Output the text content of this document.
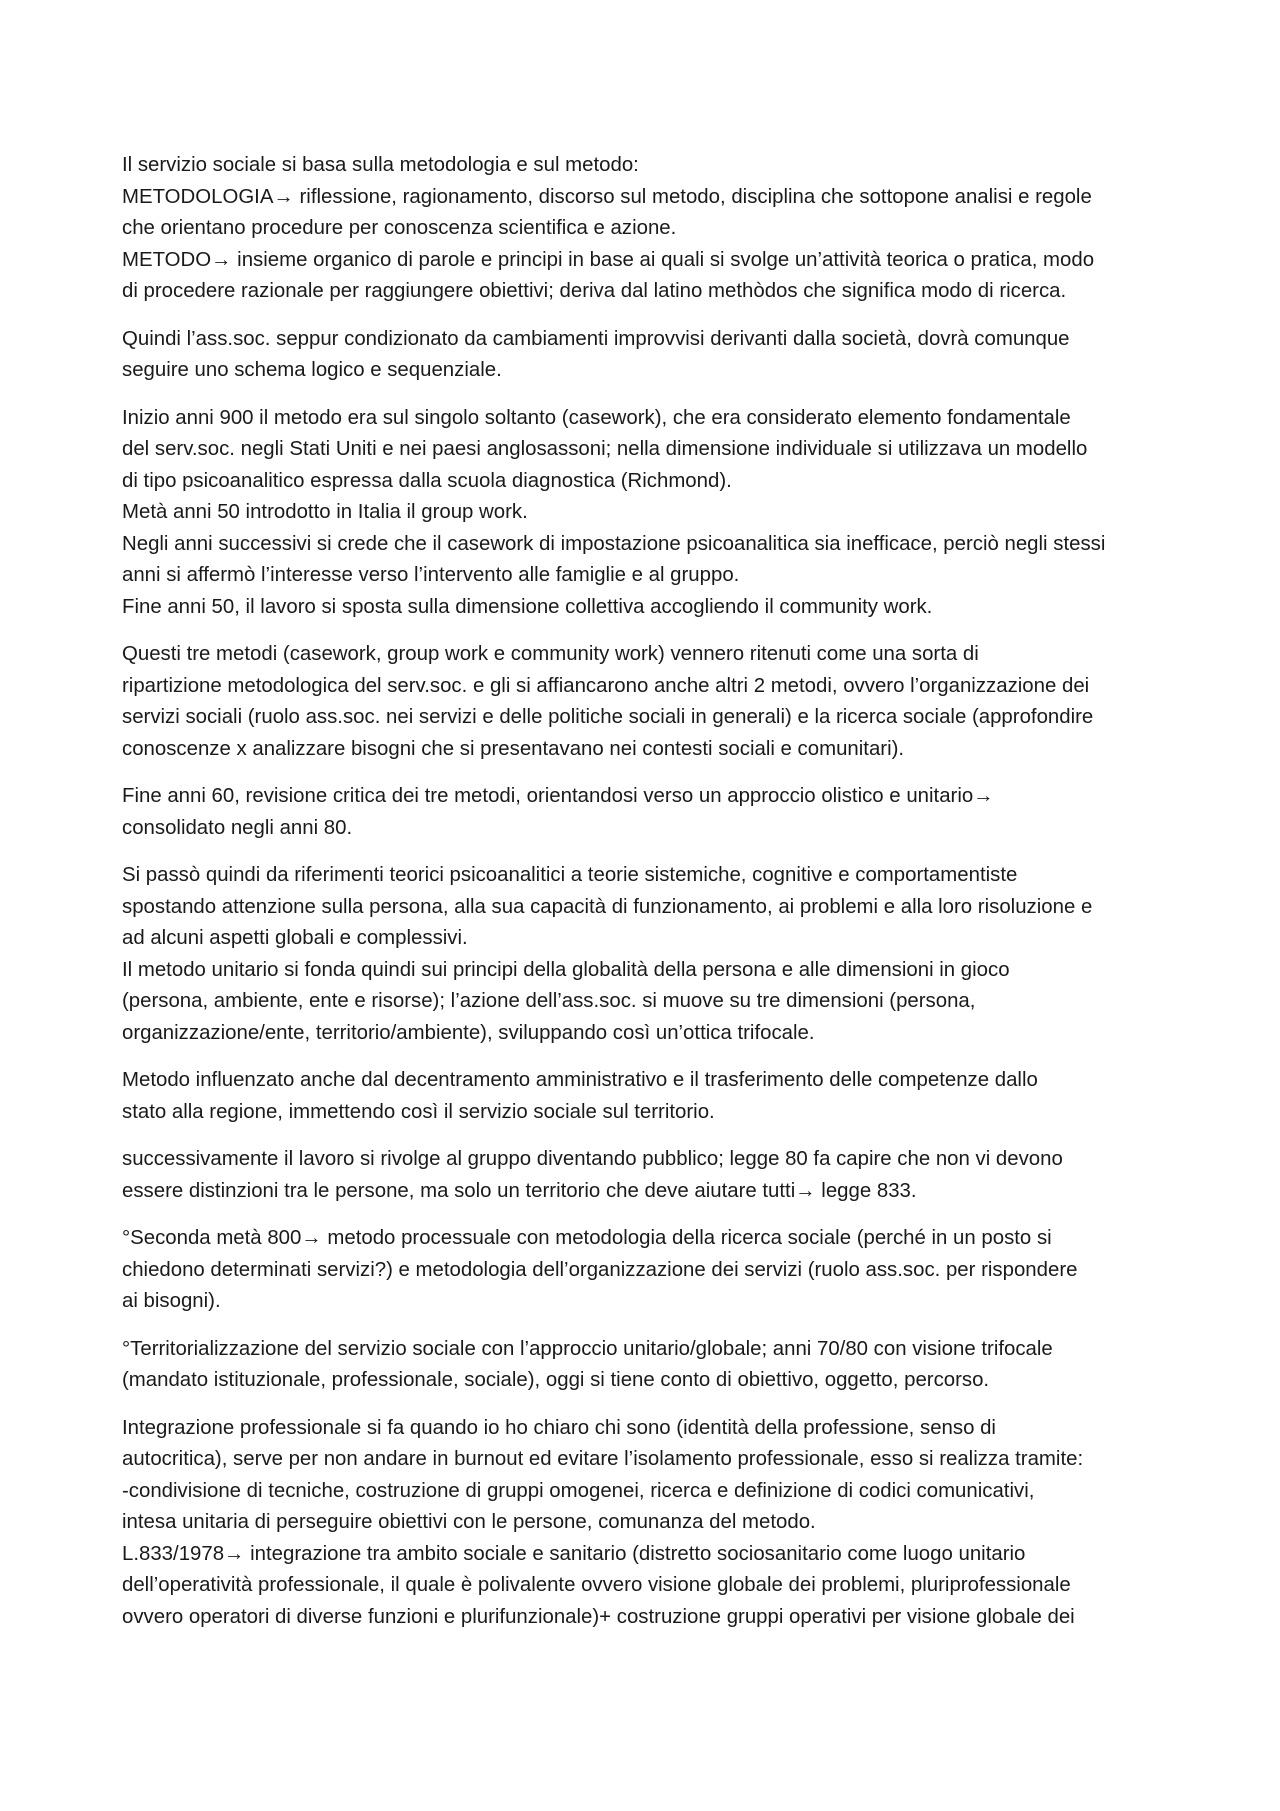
Il servizio sociale si basa sulla metodologia e sul metodo:
METODOLOGIA→ riflessione, ragionamento, discorso sul metodo, disciplina che sottopone analisi e regole
che orientano procedure per conoscenza scientifica e azione.
METODO→ insieme organico di parole e principi in base ai quali si svolge un’attività teorica o pratica, modo
di procedere razionale per raggiungere obiettivi; deriva dal latino methòdos che significa modo di ricerca.

Quindi l’ass.soc. seppur condizionato da cambiamenti improvvisi derivanti dalla società, dovrà comunque
seguire uno schema logico e sequenziale.

Inizio anni 900 il metodo era sul singolo soltanto (casework), che era considerato elemento fondamentale
del serv.soc. negli Stati Uniti e nei paesi anglosassoni; nella dimensione individuale si utilizzava un modello
di tipo psicoanalitico espressa dalla scuola diagnostica (Richmond).
Metà anni 50 introdotto in Italia il group work.
Negli anni successivi si crede che il casework di impostazione psicoanalitica sia inefficace, perciò negli stessi
anni si affermò l’interesse verso l’intervento alle famiglie e al gruppo.
Fine anni 50, il lavoro si sposta sulla dimensione collettiva accogliendo il community work.

Questi tre metodi (casework, group work e community work) vennero ritenuti come una sorta di
ripartizione metodologica del serv.soc. e gli si affiancarono anche altri 2 metodi, ovvero l’organizzazione dei
servizi sociali (ruolo ass.soc. nei servizi e delle politiche sociali in generali) e la ricerca sociale (approfondire
conoscenze x analizzare bisogni che si presentavano nei contesti sociali e comunitari).

Fine anni 60, revisione critica dei tre metodi, orientandosi verso un approccio olistico e unitario→
consolidato negli anni 80.

Si passò quindi da riferimenti teorici psicoanalitici a teorie sistemiche, cognitive e comportamentiste
spostando attenzione sulla persona, alla sua capacità di funzionamento, ai problemi e alla loro risoluzione e
ad alcuni aspetti globali e complessivi.
Il metodo unitario si fonda quindi sui principi della globalità della persona e alle dimensioni in gioco
(persona, ambiente, ente e risorse); l’azione dell’ass.soc. si muove su tre dimensioni (persona,
organizzazione/ente, territorio/ambiente), sviluppando così un’ottica trifocale.

Metodo influenzato anche dal decentramento amministrativo e il trasferimento delle competenze dallo
stato alla regione, immettendo così il servizio sociale sul territorio.

successivamente il lavoro si rivolge al gruppo diventando pubblico; legge 80 fa capire che non vi devono
essere distinzioni tra le persone, ma solo un territorio che deve aiutare tutti→ legge 833.

°Seconda metà 800→ metodo processuale con metodologia della ricerca sociale (perché in un posto si
chiedono determinati servizi?) e metodologia dell’organizzazione dei servizi (ruolo ass.soc. per rispondere
ai bisogni).

°Territorializzazione del servizio sociale con l’approccio unitario/globale; anni 70/80 con visione trifocale
(mandato istituzionale, professionale, sociale), oggi si tiene conto di obiettivo, oggetto, percorso.

Integrazione professionale si fa quando io ho chiaro chi sono (identità della professione, senso di
autocritica), serve per non andare in burnout ed evitare l’isolamento professionale, esso si realizza tramite:
-condivisione di tecniche, costruzione di gruppi omogenei, ricerca e definizione di codici comunicativi,
intesa unitaria di perseguire obiettivi con le persone, comunanza del metodo.
L.833/1978→ integrazione tra ambito sociale e sanitario (distretto sociosanitario come luogo unitario
dell’operatività professionale, il quale è polivalente ovvero visione globale dei problemi, pluriprofessionale
ovvero operatori di diverse funzioni e plurifunzionale)+ costruzione gruppi operativi per visione globale dei
